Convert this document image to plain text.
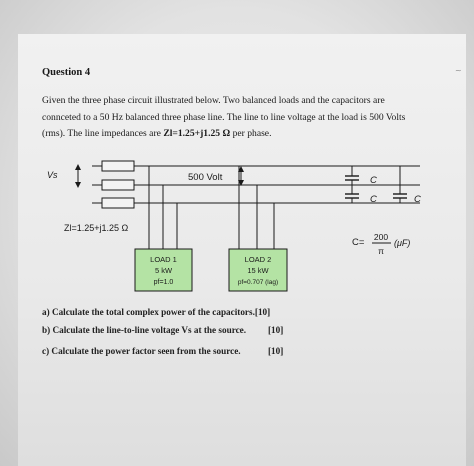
~
Question 4
Given the three phase circuit illustrated below. Two balanced loads and the capacitors are
connceted to a 50 Hz balanced three phase line. The line to line voltage at the load is 500 Volts
(rms). The line impedances are Zl=1.25+j1.25 Ω per phase.
Vs	500 Volt
Zl=1.25+j1.25 Ω
LOAD 1
5 kW
pf=1.0
LOAD 2
15 kW
pf=0.707 (lag)
C
C	C
C= 200
π
(μF)
a) Calculate the total complex power of the capacitors.[10]
b) Calculate the line-to-line voltage Vs at the source. [10]
c) Calculate the power factor seen from the source.	[10]
